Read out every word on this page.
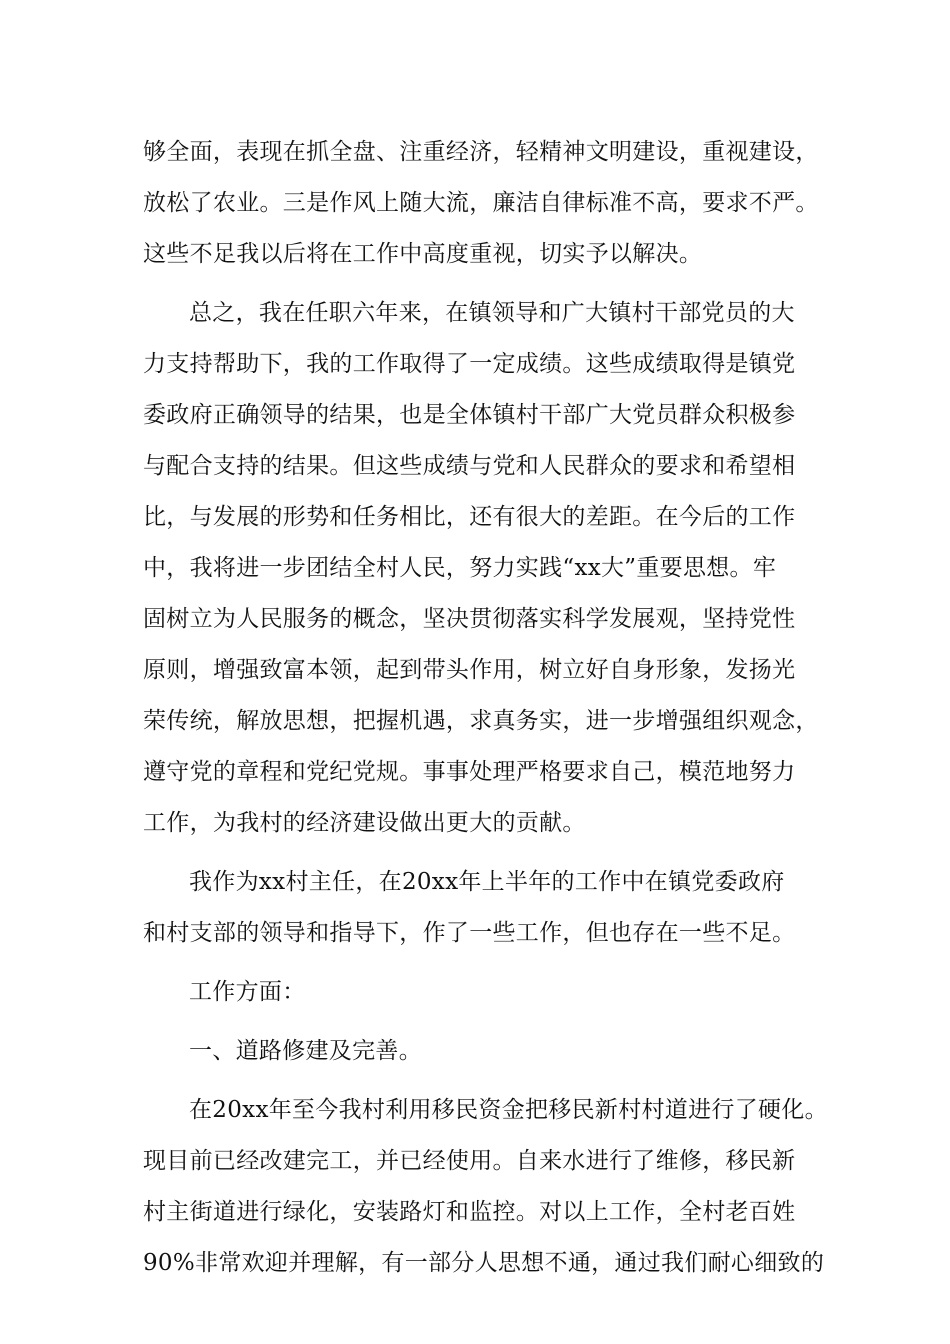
够全面，表现在抓全盘、注重经济，轻精神文明建设，重视建设，
放松了农业。三是作风上随大流，廉洁自律标准不高，要求不严。
这些不足我以后将在工作中高度重视，切实予以解决。
总之，我在任职六年来，在镇领导和广大镇村干部党员的大
力支持帮助下，我的工作取得了一定成绩。这些成绩取得是镇党
委政府正确领导的结果，也是全体镇村干部广大党员群众积极参
与配合支持的结果。但这些成绩与党和人民群众的要求和希望相
比，与发展的形势和任务相比，还有很大的差距。在今后的工作
中，我将进一步团结全村人民，努力实践“xx大”重要思想。牢
固树立为人民服务的概念，坚决贯彻落实科学发展观，坚持党性
原则，增强致富本领，起到带头作用，树立好自身形象，发扬光
荣传统，解放思想，把握机遇，求真务实，进一步增强组织观念，
遵守党的章程和党纪党规。事事处理严格要求自己，模范地努力
工作，为我村的经济建设做出更大的贡献。
我作为xx村主任，在20xx年上半年的工作中在镇党委政府
和村支部的领导和指导下，作了一些工作，但也存在一些不足。
工作方面：
一、道路修建及完善。
在20xx年至今我村利用移民资金把移民新村村道进行了硬化。
现目前已经改建完工，并已经使用。自来水进行了维修，移民新
村主街道进行绿化，安装路灯和监控。对以上工作，全村老百姓
90%非常欢迎并理解，有一部分人思想不通，通过我们耐心细致的
